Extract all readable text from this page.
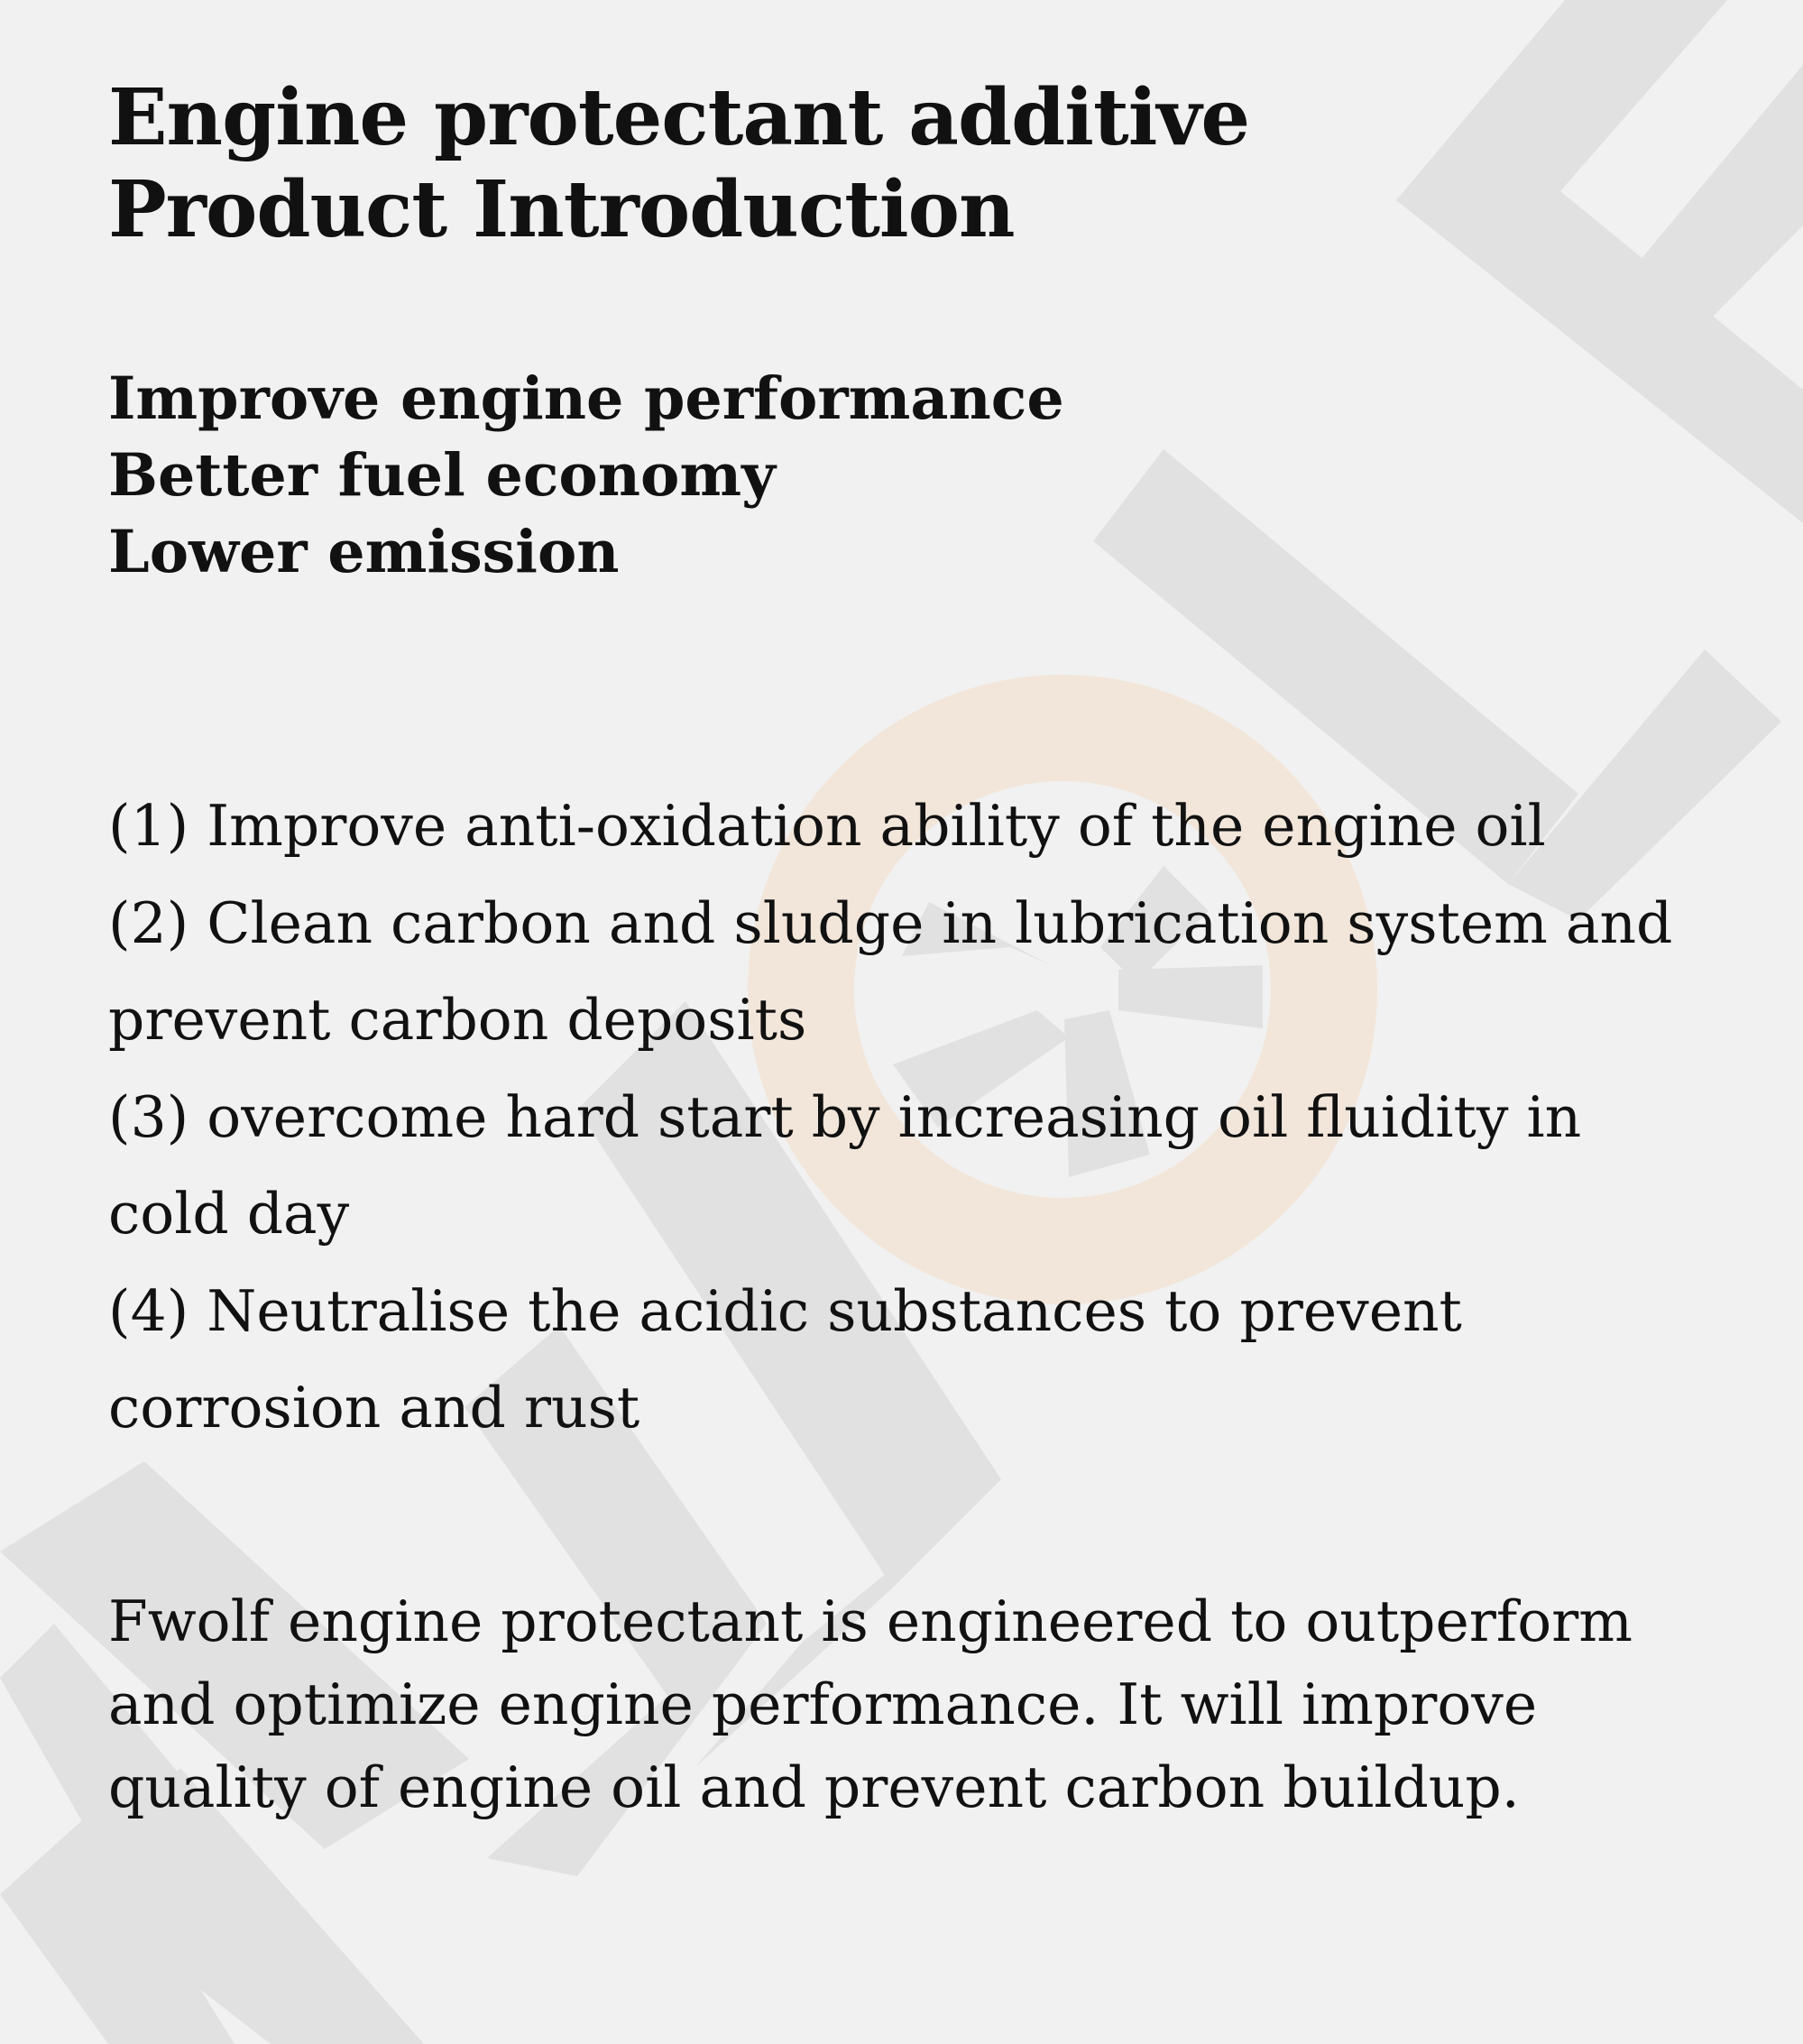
Engine protectant additive
Product Introduction
Improve engine performance
Better fuel economy
Lower emission
(1) Improve anti-oxidation ability of the engine oil
(2) Clean carbon and sludge in lubrication system and prevent carbon deposits
(3) overcome hard start by increasing oil fluidity in cold day
(4) Neutralise the acidic substances to prevent corrosion and rust

Fwolf engine protectant is engineered to outperform and optimize engine performance. It will improve quality of engine oil and prevent carbon buildup.
